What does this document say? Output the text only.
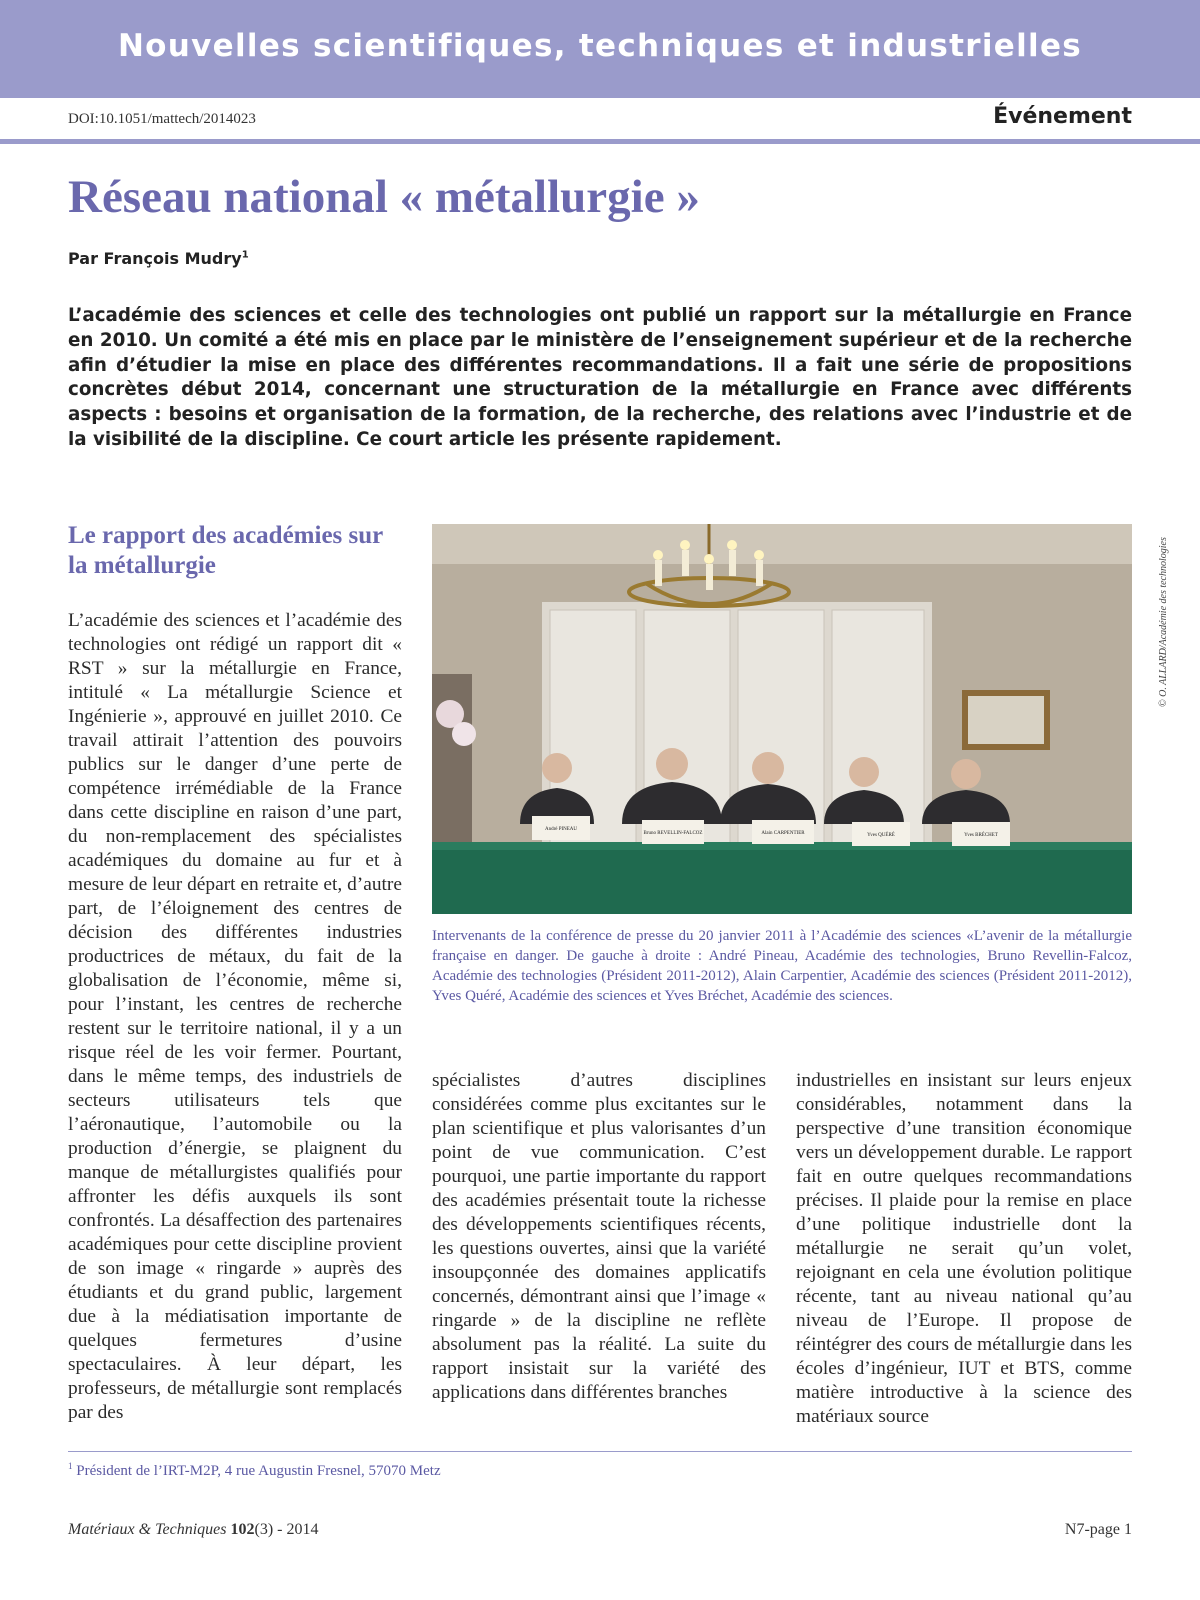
Nouvelles scientifiques, techniques et industrielles
DOI:10.1051/mattech/2014023	Événement
Réseau national « métallurgie »
Par François Mudry$^1$

L’académie des sciences et celle des technologies ont publié un rapport sur la métallurgie en France en 2010. Un comité a été mis en place par le ministère de l’enseignement supérieur et de la recherche afin d’étudier la mise en place des différentes recommandations. Il a fait une série de propositions concrètes début 2014, concernant une structuration de la métallurgie en France avec différents aspects : besoins et organisation de la formation, de la recherche, des relations avec l’industrie et de la visibilité de la discipline. Ce court article les présente rapidement.

Le rapport des académies sur la métallurgie

L’académie des sciences et l’académie des technologies ont rédigé un rapport dit « RST » sur la métallurgie en France, intitulé « La métallurgie Science et Ingénierie », approuvé en juillet 2010. Ce travail attirait l’attention des pouvoirs publics sur le danger d’une perte de compétence irrémédiable de la France dans cette discipline en raison d’une part, du non-remplacement des spécialistes académiques du domaine au fur et à mesure de leur départ en retraite et, d’autre part, de l’éloignement des centres de décision des différentes industries productrices de métaux, du fait de la globalisation de l’économie, même si, pour l’instant, les centres de recherche restent sur le territoire national, il y a un risque réel de les voir fermer. Pourtant, dans le même temps, des industriels de secteurs utilisateurs tels que l’aéronautique, l’automobile ou la production d’énergie, se plaignent du manque de métallurgistes qualifiés pour affronter les défis auxquels ils sont confrontés. La désaffection des partenaires académiques pour cette discipline provient de son image « ringarde » auprès des étudiants et du grand public, largement due à la médiatisation importante de quelques fermetures d’usine spectaculaires. À leur départ, les professeurs, de métallurgie sont remplacés par des

André PINEAU
Bruno REVELLIN-FALCOZ	Alain CARPENTIER	Yves QUÉRÉ	Yves BRÉCHET
© O. ALLARD/Académie des technologies

Intervenants de la conférence de presse du 20 janvier 2011 à l’Académie des sciences «L’avenir de la métallurgie française en danger. De gauche à droite : André Pineau, Académie des technologies, Bruno Revellin-Falcoz, Académie des technologies (Président 2011-2012), Alain Carpentier, Académie des sciences (Président 2011-2012), Yves Quéré, Académie des sciences et Yves Bréchet, Académie des sciences.

spécialistes d’autres disciplines considérées comme plus excitantes sur le plan scientifique et plus valorisantes d’un point de vue communication. C’est pourquoi, une partie importante du rapport des académies présentait toute la richesse des développements scientifiques récents, les questions ouvertes, ainsi que la variété insoupçonnée des domaines applicatifs concernés, démontrant ainsi que l’image « ringarde » de la discipline ne reflète absolument pas la réalité. La suite du rapport insistait sur la variété des applications dans différentes branches

industrielles en insistant sur leurs enjeux considérables, notamment dans la perspective d’une transition économique vers un développement durable. Le rapport fait en outre quelques recommandations précises. Il plaide pour la remise en place d’une politique industrielle dont la métallurgie ne serait qu’un volet, rejoignant en cela une évolution politique récente, tant au niveau national qu’au niveau de l’Europe. Il propose de réintégrer des cours de métallurgie dans les écoles d’ingénieur, IUT et BTS, comme matière introductive à la science des matériaux source

$^1$ Président de l’IRT-M2P, 4 rue Augustin Fresnel, 57070 Metz
Matériaux & Techniques 102(3) - 2014	N7-page 1
